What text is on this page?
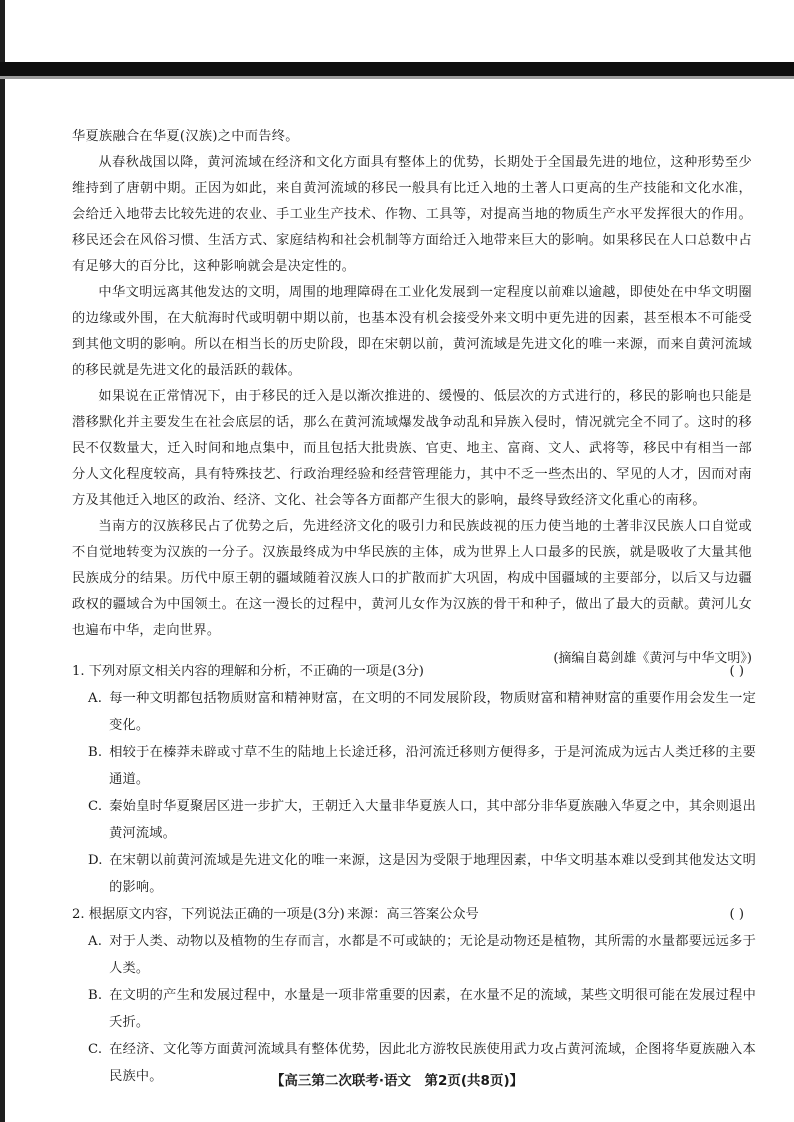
华夏族融合在华夏(汉族)之中而告终。

从春秋战国以降，黄河流域在经济和文化方面具有整体上的优势，长期处于全国最先进的地位，这种形势至少维持到了唐朝中期。正因为如此，来自黄河流域的移民一般具有比迁入地的土著人口更高的生产技能和文化水准，会给迁入地带去比较先进的农业、手工业生产技术、作物、工具等，对提高当地的物质生产水平发挥很大的作用。移民还会在风俗习惯、生活方式、家庭结构和社会机制等方面给迁入地带来巨大的影响。如果移民在人口总数中占有足够大的百分比，这种影响就会是决定性的。

中华文明远离其他发达的文明，周围的地理障碍在工业化发展到一定程度以前难以逾越，即使处在中华文明圈的边缘或外围，在大航海时代或明朝中期以前，也基本没有机会接受外来文明中更先进的因素，甚至根本不可能受到其他文明的影响。所以在相当长的历史阶段，即在宋朝以前，黄河流域是先进文化的唯一来源，而来自黄河流域的移民就是先进文化的最活跃的载体。

如果说在正常情况下，由于移民的迁入是以渐次推进的、缓慢的、低层次的方式进行的，移民的影响也只能是潜移默化并主要发生在社会底层的话，那么在黄河流域爆发战争动乱和异族入侵时，情况就完全不同了。这时的移民不仅数量大，迁入时间和地点集中，而且包括大批贵族、官吏、地主、富商、文人、武将等，移民中有相当一部分人文化程度较高，具有特殊技艺、行政治理经验和经营管理能力，其中不乏一些杰出的、罕见的人才，因而对南方及其他迁入地区的政治、经济、文化、社会等各方面都产生很大的影响，最终导致经济文化重心的南移。

当南方的汉族移民占了优势之后，先进经济文化的吸引力和民族歧视的压力使当地的土著非汉民族人口自觉或不自觉地转变为汉族的一分子。汉族最终成为中华民族的主体，成为世界上人口最多的民族，就是吸收了大量其他民族成分的结果。历代中原王朝的疆域随着汉族人口的扩散而扩大巩固，构成中国疆域的主要部分，以后又与边疆政权的疆域合为中国领土。在这一漫长的过程中，黄河儿女作为汉族的骨干和种子，做出了最大的贡献。黄河儿女也遍布中华，走向世界。

(摘编自葛剑雄《黄河与中华文明》)

1. 下列对原文相关内容的理解和分析，不正确的一项是(3分)	( )

A. 每一种文明都包括物质财富和精神财富，在文明的不同发展阶段，物质财富和精神财富的重要作用会发生一定变化。

B. 相较于在榛莽未辟或寸草不生的陆地上长途迁移，沿河流迁移则方便得多，于是河流成为远古人类迁移的主要通道。

C. 秦始皇时华夏聚居区进一步扩大，王朝迁入大量非华夏族人口，其中部分非华夏族融入华夏之中，其余则退出黄河流域。

D. 在宋朝以前黄河流域是先进文化的唯一来源，这是因为受限于地理因素，中华文明基本难以受到其他发达文明的影响。

2. 根据原文内容，下列说法正确的一项是(3分) 来源：高三答案公众号	( )

A. 对于人类、动物以及植物的生存而言，水都是不可或缺的；无论是动物还是植物，其所需的水量都要远远多于人类。

B. 在文明的产生和发展过程中，水量是一项非常重要的因素，在水量不足的流域，某些文明很可能在发展过程中夭折。

C. 在经济、文化等方面黄河流域具有整体优势，因此北方游牧民族使用武力攻占黄河流域，企图将华夏族融入本民族中。	【高三第二次联考·语文　第2页(共8页)】
